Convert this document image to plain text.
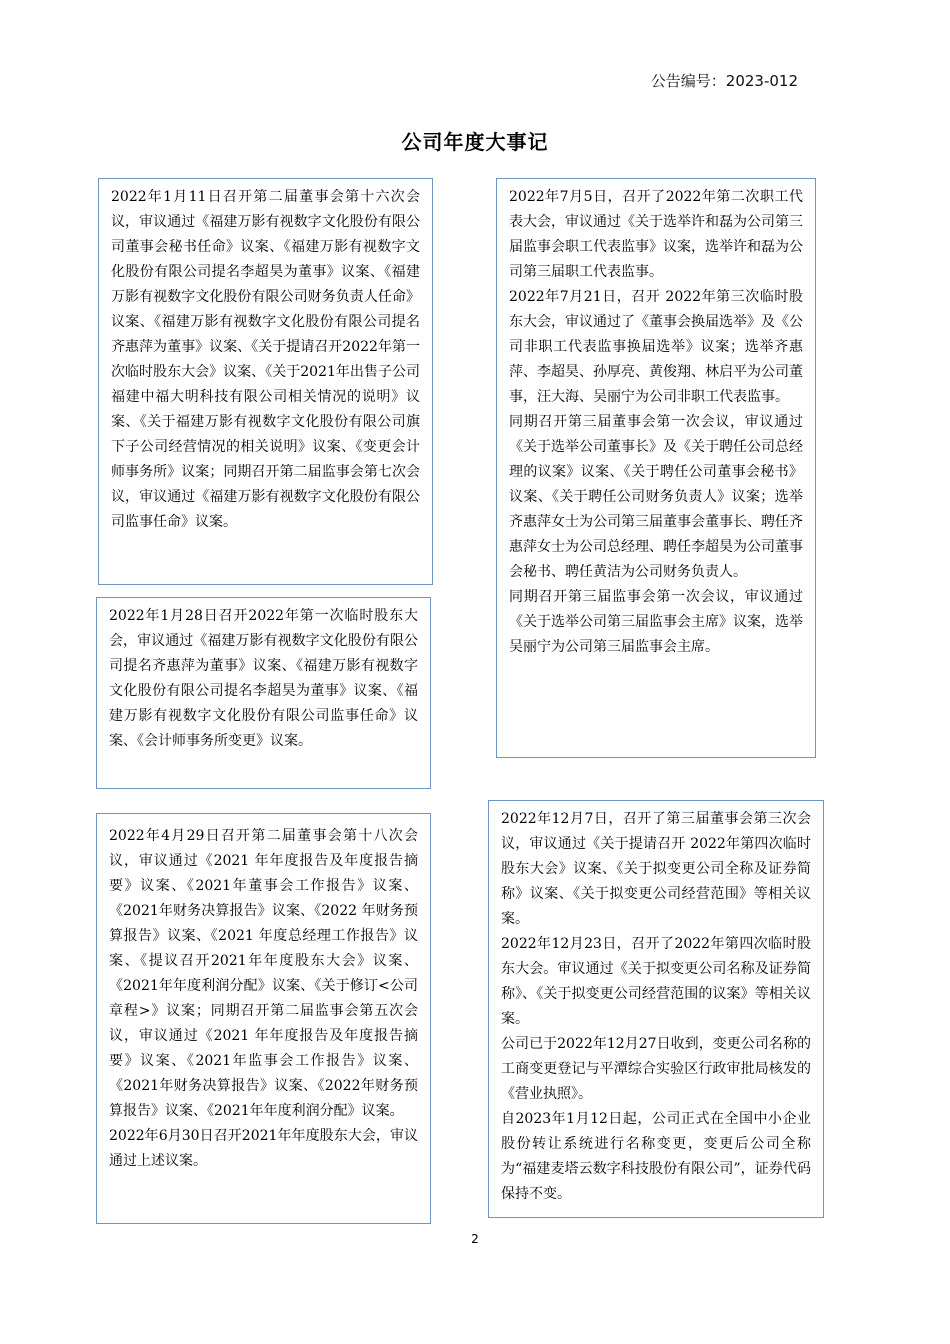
公告编号：2023-012
公司年度大事记

2022年1月11日召开第二届董事会第十六次会议，审议通过《福建万影有视数字文化股份有限公司董事会秘书任命》议案、《福建万影有视数字文化股份有限公司提名李超昊为董事》议案、《福建万影有视数字文化股份有限公司财务负责人任命》议案、《福建万影有视数字文化股份有限公司提名齐惠萍为董事》议案、《关于提请召开2022年第一次临时股东大会》议案、《关于2021年出售子公司福建中福大明科技有限公司相关情况的说明》议案、《关于福建万影有视数字文化股份有限公司旗下子公司经营情况的相关说明》议案、《变更会计师事务所》议案；同期召开第二届监事会第七次会议，审议通过《福建万影有视数字文化股份有限公司监事任命》议案。

2022年1月28日召开2022年第一次临时股东大会，审议通过《福建万影有视数字文化股份有限公司提名齐惠萍为董事》议案、《福建万影有视数字文化股份有限公司提名李超昊为董事》议案、《福建万影有视数字文化股份有限公司监事任命》议案、《会计师事务所变更》议案。

2022年4月29日召开第二届董事会第十八次会议，审议通过《2021 年年度报告及年度报告摘要》议案、《2021年董事会工作报告》议案、《2021年财务决算报告》议案、《2022 年财务预算报告》议案、《2021 年度总经理工作报告》议案、《提议召开2021年年度股东大会》议案、《2021年年度利润分配》议案、《关于修订<公司章程>》议案；同期召开第二届监事会第五次会议，审议通过《2021 年年度报告及年度报告摘要》议案、《2021年监事会工作报告》议案、《2021年财务决算报告》议案、《2022年财务预算报告》议案、《2021年年度利润分配》议案。

2022年6月30日召开2021年年度股东大会，审议通过上述议案。

2022年7月5日，召开了2022年第二次职工代表大会，审议通过《关于选举许和磊为公司第三届监事会职工代表监事》议案，选举许和磊为公司第三届职工代表监事。

2022年7月21日，召开 2022年第三次临时股东大会，审议通过了《董事会换届选举》及《公司非职工代表监事换届选举》议案；选举齐惠萍、李超昊、孙厚亮、黄俊翔、林启平为公司董事，汪大海、吴丽宁为公司非职工代表监事。

同期召开第三届董事会第一次会议，审议通过《关于选举公司董事长》及《关于聘任公司总经理的议案》议案、《关于聘任公司董事会秘书》议案、《关于聘任公司财务负责人》议案；选举齐惠萍女士为公司第三届董事会董事长、聘任齐惠萍女士为公司总经理、聘任李超昊为公司董事会秘书、聘任黄洁为公司财务负责人。

同期召开第三届监事会第一次会议，审议通过《关于选举公司第三届监事会主席》议案，选举吴丽宁为公司第三届监事会主席。

2022年12月7日，召开了第三届董事会第三次会议，审议通过《关于提请召开 2022年第四次临时股东大会》议案、《关于拟变更公司全称及证券简称》议案、《关于拟变更公司经营范围》等相关议案。

2022年12月23日，召开了2022年第四次临时股东大会。审议通过《关于拟变更公司名称及证券简称》、《关于拟变更公司经营范围的议案》等相关议案。

公司已于2022年12月27日收到，变更公司名称的工商变更登记与平潭综合实验区行政审批局核发的《营业执照》。

自2023年1月12日起，公司正式在全国中小企业股份转让系统进行名称变更，变更后公司全称为“福建麦塔云数字科技股份有限公司”，证券代码保持不变。

2
